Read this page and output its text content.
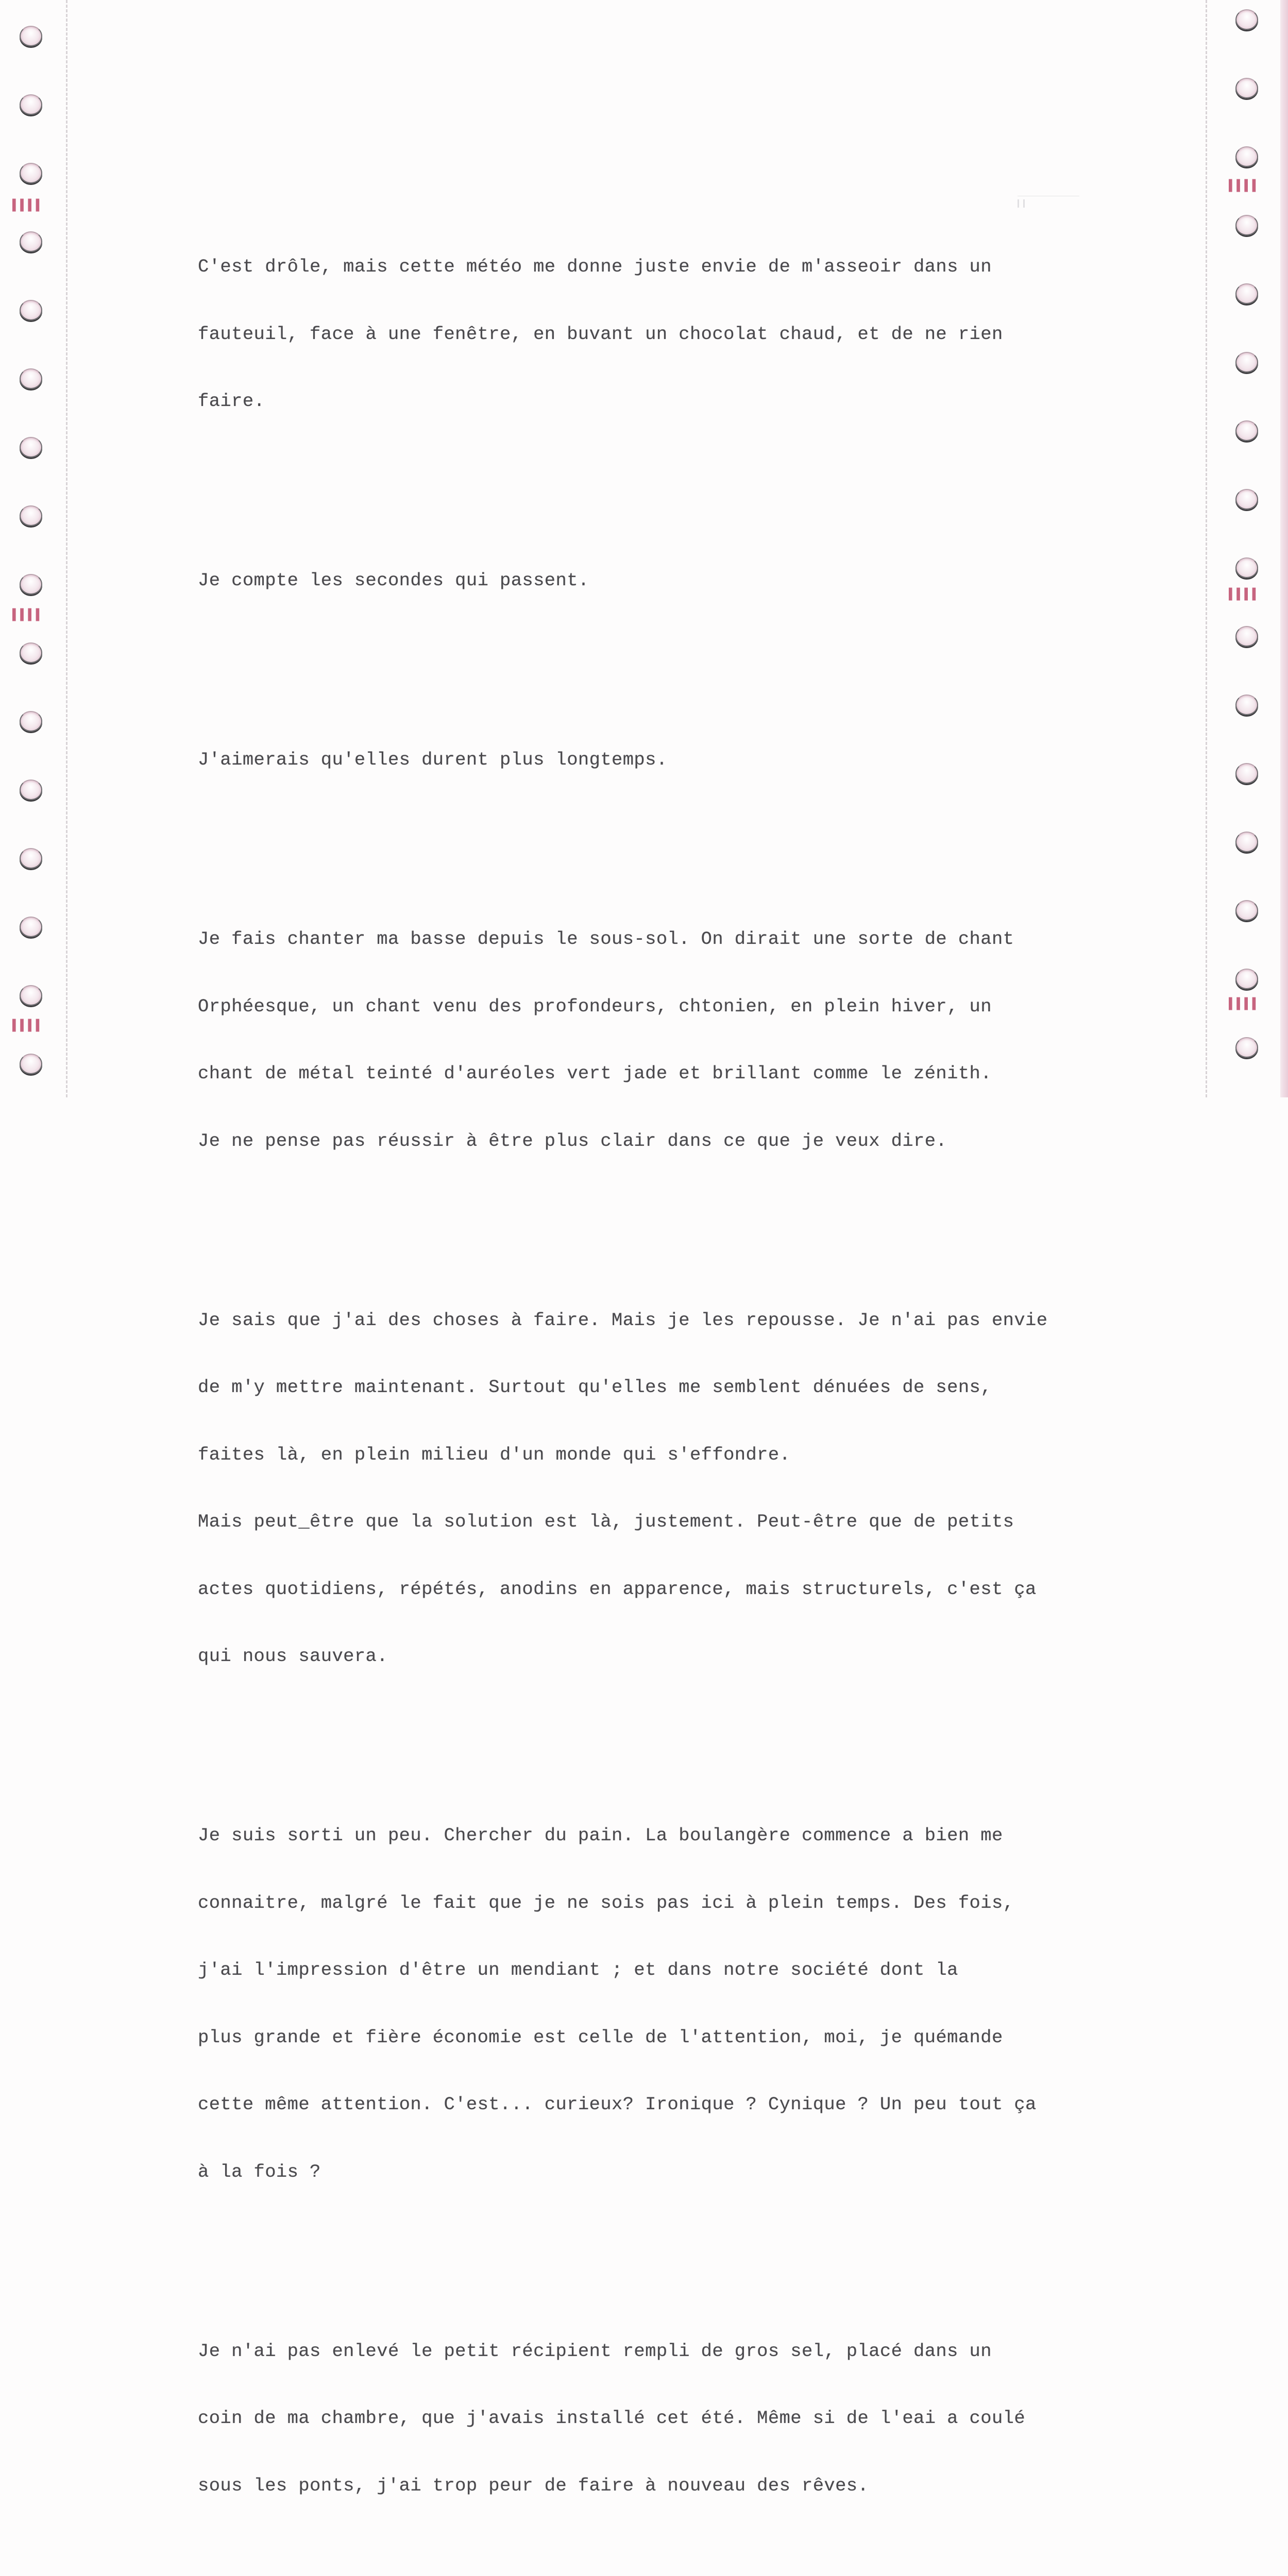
▌▌▌▌
▌▌▌▌
▌▌▌▌
▌▌▌▌
▌▌▌▌
▌▌▌▌

C'est drôle, mais cette météo me donne juste envie de m'asseoir dans un

fauteuil, face à une fenêtre, en buvant un chocolat chaud, et de ne rien

faire.

Je compte les secondes qui passent.

J'aimerais qu'elles durent plus longtemps.

Je fais chanter ma basse depuis le sous-sol. On dirait une sorte de chant

Orphéesque, un chant venu des profondeurs, chtonien, en plein hiver, un

chant de métal teinté d'auréoles vert jade et brillant comme le zénith.

Je ne pense pas réussir à être plus clair dans ce que je veux dire.

Je sais que j'ai des choses à faire. Mais je les repousse. Je n'ai pas envie

de m'y mettre maintenant. Surtout qu'elles me semblent dénuées de sens,

faites là, en plein milieu d'un monde qui s'effondre.

Mais peut_être que la solution est là, justement. Peut-être que de petits

actes quotidiens, répétés, anodins en apparence, mais structurels, c'est ça

qui nous sauvera.

Je suis sorti un peu. Chercher du pain. La boulangère commence a bien me

connaitre, malgré le fait que je ne sois pas ici à plein temps. Des fois,

j'ai l'impression d'être un mendiant ; et dans notre société dont la

plus grande et fière économie est celle de l'attention, moi, je quémande

cette même attention. C'est... curieux? Ironique ? Cynique ? Un peu tout ça

à la fois ?

Je n'ai pas enlevé le petit récipient rempli de gros sel, placé dans un

coin de ma chambre, que j'avais installé cet été. Même si de l'eai a coulé

sous les ponts, j'ai trop peur de faire à nouveau des rêves.
